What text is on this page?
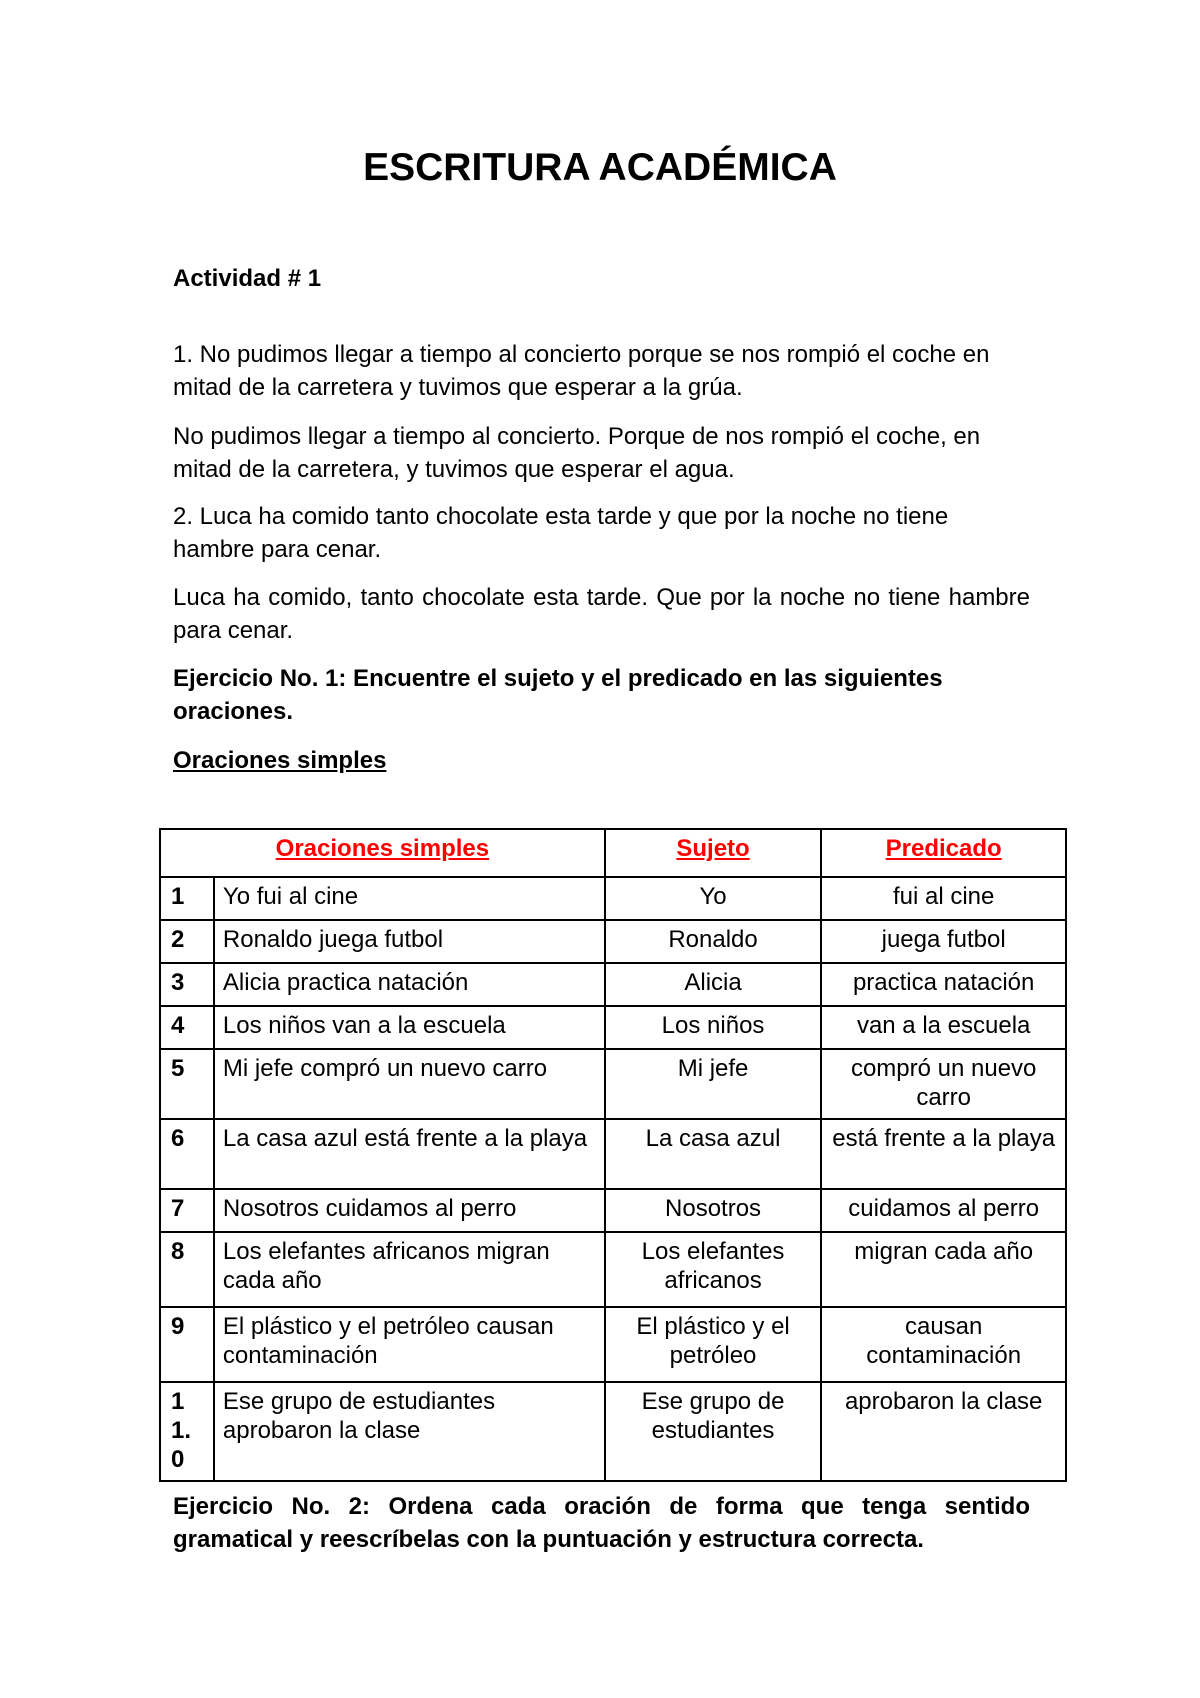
ESCRITURA ACADÉMICA
Actividad # 1
1. No pudimos llegar a tiempo al concierto porque se nos rompió el coche en mitad de la carretera y tuvimos que esperar a la grúa.
No pudimos llegar a tiempo al concierto. Porque de nos rompió el coche, en mitad de la carretera, y tuvimos que esperar el agua.
2. Luca ha comido tanto chocolate esta tarde y que por la noche no tiene hambre para cenar.
Luca ha comido, tanto chocolate esta tarde. Que por la noche no tiene hambre para cenar.
Ejercicio No. 1: Encuentre el sujeto y el predicado en las siguientes oraciones.
Oraciones simples
Oraciones simples		Sujeto	Predicado
1	Yo fui al cine	Yo	fui al cine
2	Ronaldo juega futbol	Ronaldo	juega futbol
3	Alicia practica natación	Alicia	practica natación
4	Los niños van a la escuela	Los niños	van a la escuela
5	Mi jefe compró un nuevo carro	Mi jefe	compró un nuevo carro
6	La casa azul está frente a la playa	La casa azul	está frente a la playa
7	Nosotros cuidamos al perro	Nosotros	cuidamos al perro
8	Los elefantes africanos migran cada año	Los elefantes africanos	migran cada año
9	El plástico y el petróleo causan contaminación	El plástico y el petróleo	causan contaminación
1 1. 0	Ese grupo de estudiantes aprobaron la clase	Ese grupo de estudiantes	aprobaron la clase
Ejercicio No. 2: Ordena cada oración de forma que tenga sentido gramatical y reescríbelas con la puntuación y estructura correcta.
